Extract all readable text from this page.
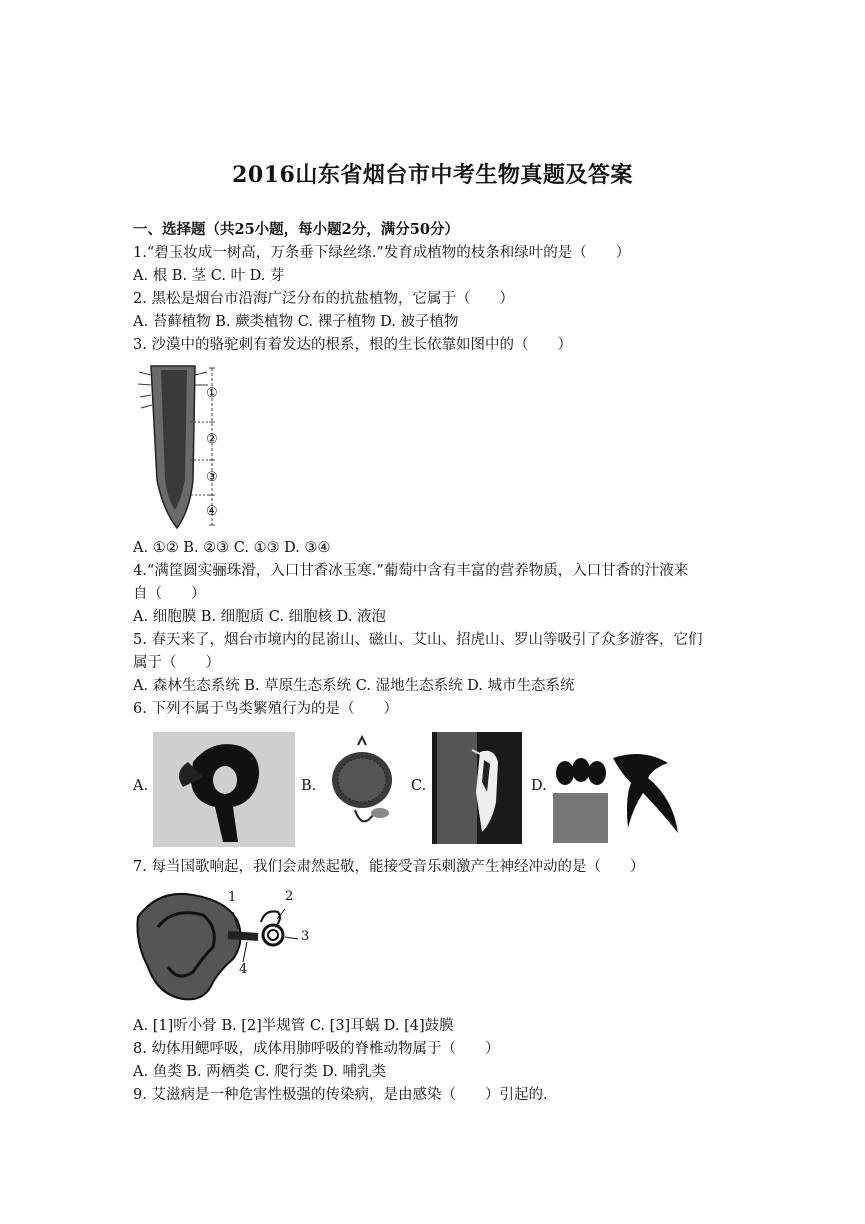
2016山东省烟台市中考生物真题及答案
一、选择题（共25小题，每小题2分，满分50分）
1.“碧玉妆成一树高，万条垂下绿丝绦.”发育成植物的枝条和绿叶的是（　　）
A. 根 B. 茎 C. 叶 D. 芽
2. 黑松是烟台市沿海广泛分布的抗盐植物，它属于（　　）
A. 苔藓植物 B. 蕨类植物 C. 裸子植物 D. 被子植物
3. 沙漠中的骆驼刺有着发达的根系，根的生长依靠如图中的（　　）
①
②
③
④
A. ①② B. ②③ C. ①③ D. ③④
4.“满筐圆实骊珠滑，入口甘香冰玉寒.”葡萄中含有丰富的营养物质，入口甘香的汁液来
自（　　）
A. 细胞膜 B. 细胞质 C. 细胞核 D. 液泡
5. 春天来了，烟台市境内的昆嵛山、磁山、艾山、招虎山、罗山等吸引了众多游客，它们
属于（　　）
A. 森林生态系统 B. 草原生态系统 C. 湿地生态系统 D. 城市生态系统
6. 下列不属于鸟类繁殖行为的是（　　）
A.	B.	C.	D.
7. 每当国歌响起，我们会肃然起敬，能接受音乐刺激产生神经冲动的是（　　）
1	2
3
4
A. [1]听小骨 B. [2]半规管 C. [3]耳蜗 D. [4]鼓膜
8. 幼体用鳃呼吸，成体用肺呼吸的脊椎动物属于（　　）
A. 鱼类 B. 两栖类 C. 爬行类 D. 哺乳类
9. 艾滋病是一种危害性极强的传染病，是由感染（　　）引起的.
